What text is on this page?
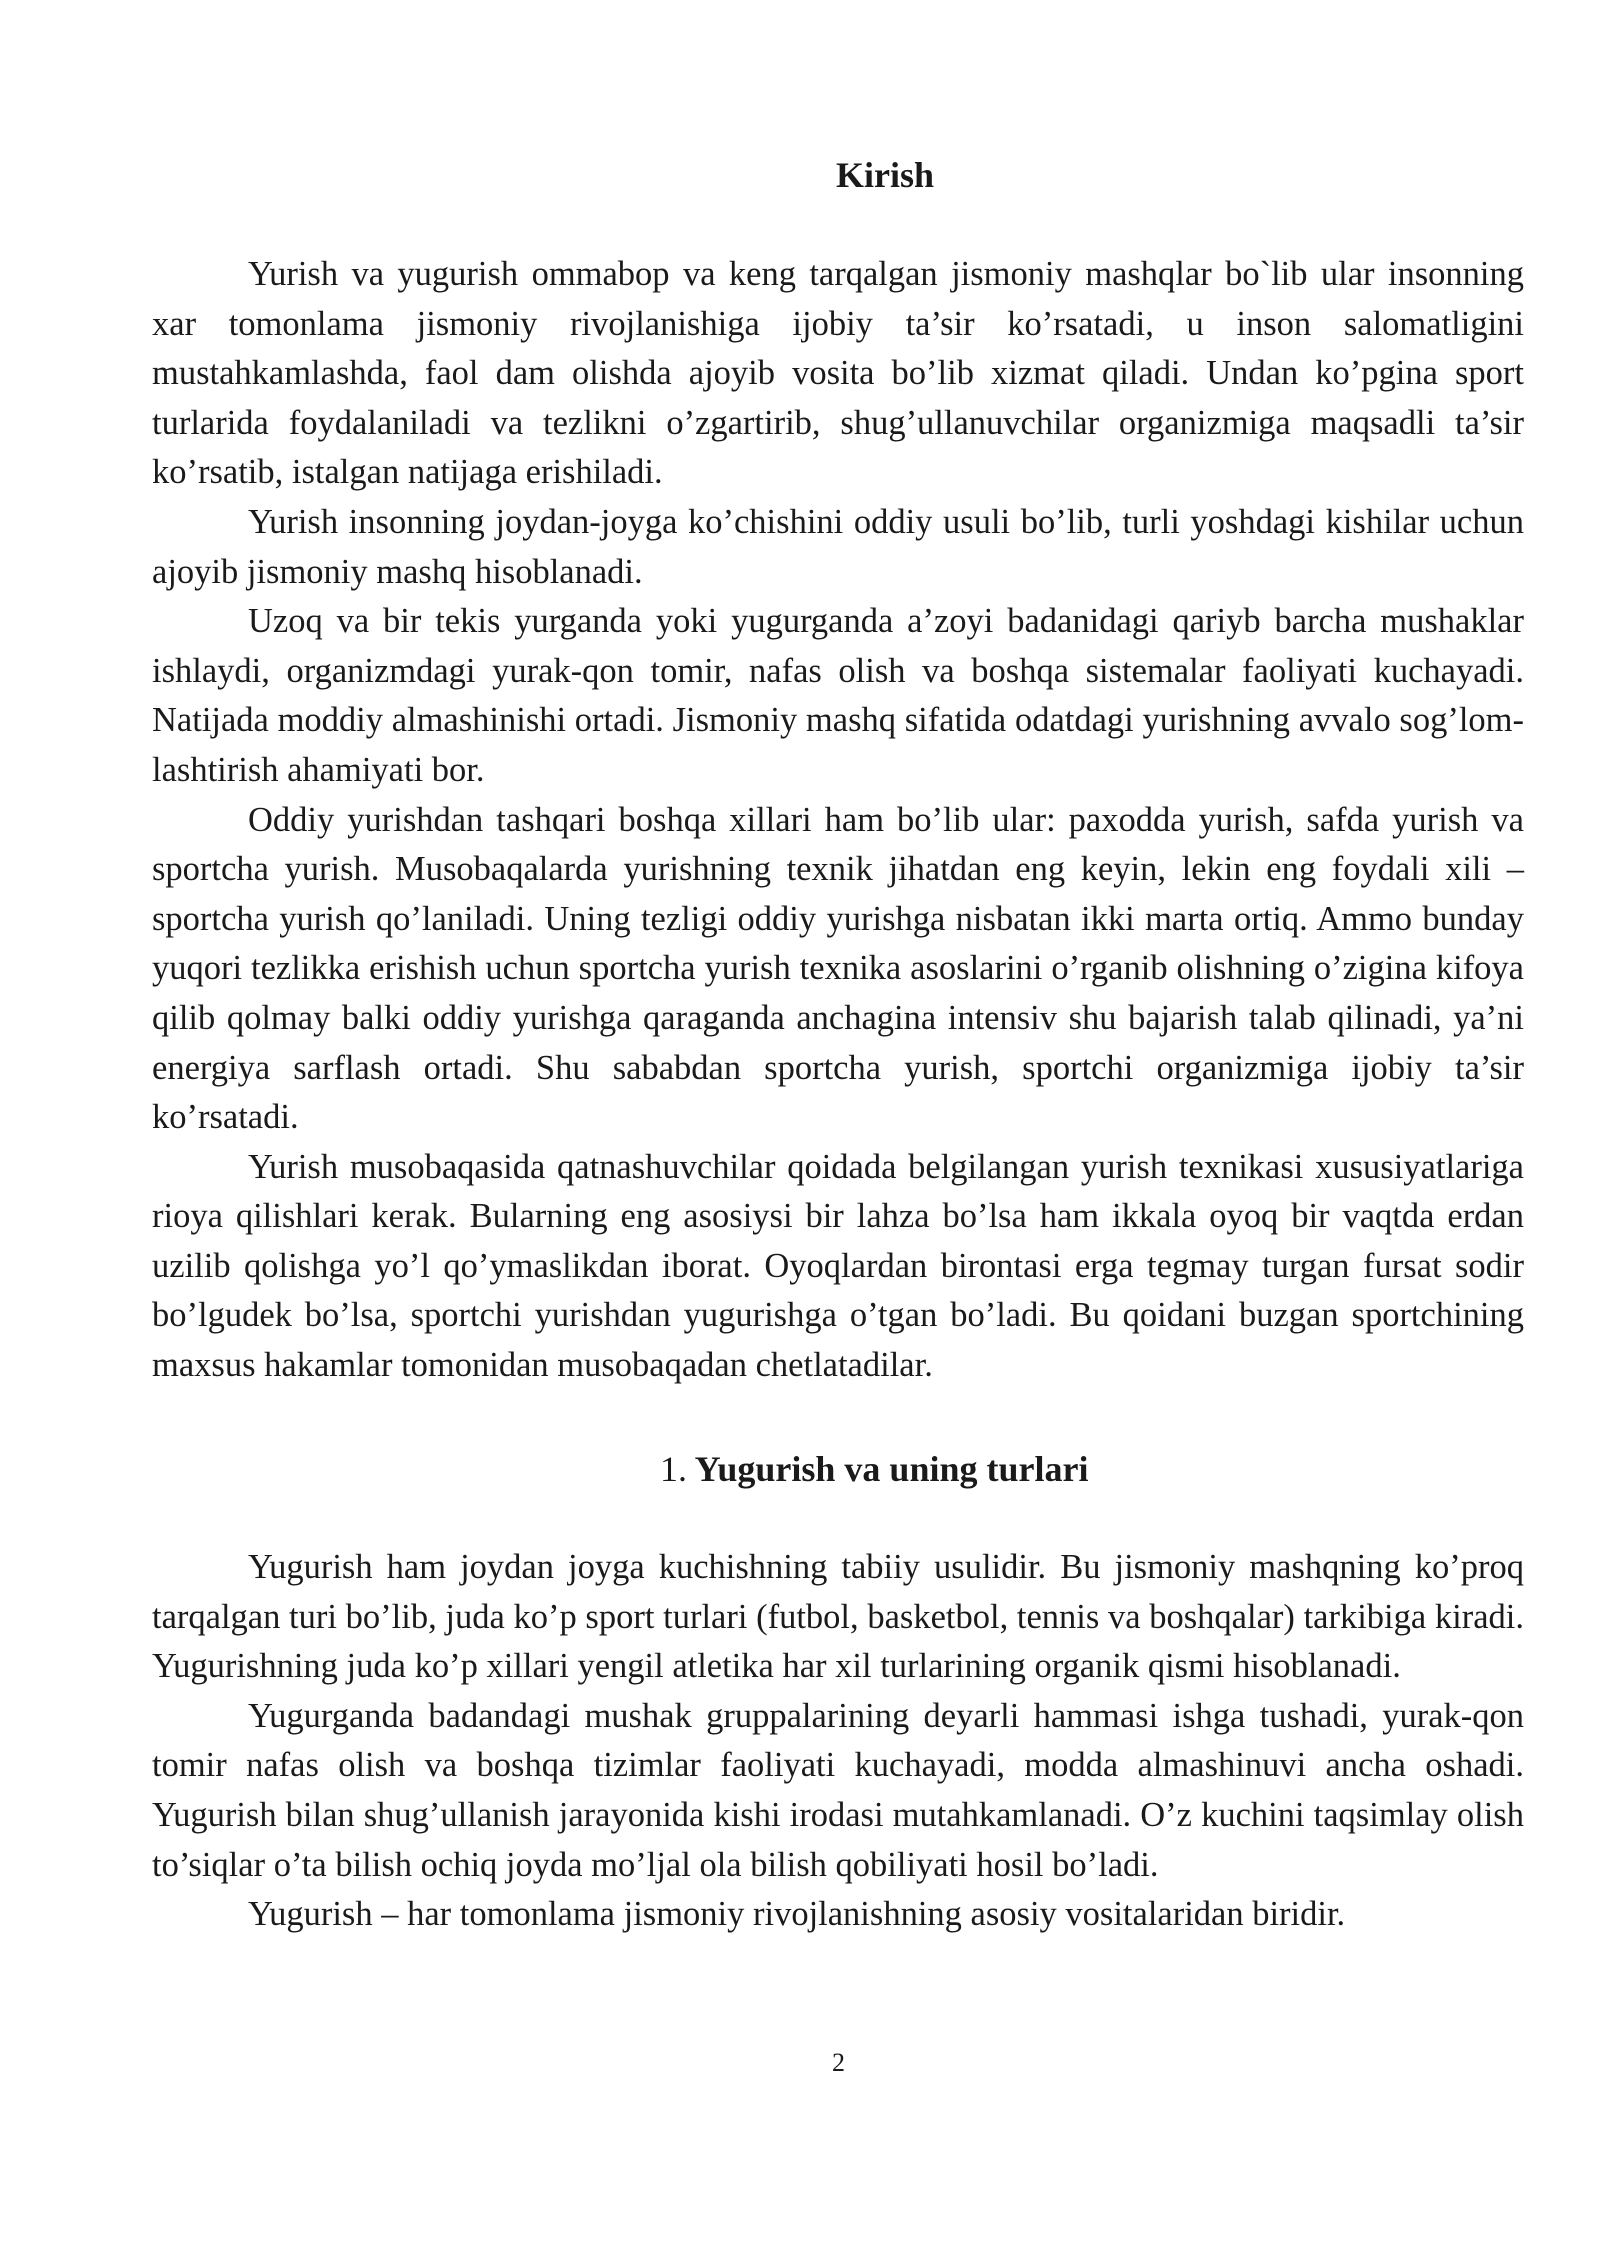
Kirish

Yurish va yugurish ommabop va keng tarqalgan jismoniy mashqlar bo`lib ular insonning xar tomonlama jismoniy rivojlanishiga ijobiy ta’sir ko’rsatadi, u inson salomatligini mustahkamlashda, faol dam olishda ajoyib vosita bo’lib xizmat qiladi. Undan ko’pgina sport turlarida foydalaniladi va tezlikni o’zgartirib, shug’ullanuvchilar organizmiga maqsadli ta’sir ko’rsatib, istalgan natijaga erishiladi.

Yurish insonning joydan-joyga ko’chishini oddiy usuli bo’lib, turli yoshdagi kishilar uchun ajoyib jismoniy mashq hisoblanadi.

Uzoq va bir tekis yurganda yoki yugurganda a’zoyi badanidagi qariyb barcha mushaklar ishlaydi, organizmdagi yurak-qon tomir, nafas olish va boshqa sistemalar faoliyati kuchayadi. Natijada moddiy almashinishi ortadi. Jismoniy mashq sifatida odatdagi yurishning avvalo sog’lom-lashtirish ahamiyati bor.

Oddiy yurishdan tashqari boshqa xillari ham bo’lib ular: paxodda yurish, safda yurish va sportcha yurish. Musobaqalarda yurishning texnik jihatdan eng keyin, lekin eng foydali xili – sportcha yurish qo’laniladi. Uning tezligi oddiy yurishga nisbatan ikki marta ortiq. Ammo bunday yuqori tezlikka erishish uchun sportcha yurish texnika asoslarini o’rganib olishning o’zigina kifoya qilib qolmay balki oddiy yurishga qaraganda anchagina intensiv shu bajarish talab qilinadi, ya’ni energiya sarflash ortadi. Shu sababdan sportcha yurish, sportchi organizmiga ijobiy ta’sir ko’rsatadi.

Yurish musobaqasida qatnashuvchilar qoidada belgilangan yurish texnikasi xususiyatlariga rioya qilishlari kerak. Bularning eng asosiysi bir lahza bo’lsa ham ikkala oyoq bir vaqtda erdan uzilib qolishga yo’l qo’ymaslikdan iborat. Oyoqlardan birontasi erga tegmay turgan fursat sodir bo’lgudek bo’lsa, sportchi yurishdan yugurishga o’tgan bo’ladi. Bu qoidani buzgan sportchining maxsus hakamlar tomonidan musobaqadan chetlatadilar.

1. Yugurish va uning turlari

Yugurish ham joydan joyga kuchishning tabiiy usulidir. Bu jismoniy mashqning ko’proq tarqalgan turi bo’lib, juda ko’p sport turlari (futbol, basketbol, tennis va boshqalar) tarkibiga kiradi. Yugurishning juda ko’p xillari yengil atletika har xil turlarining organik qismi hisoblanadi.

Yugurganda badandagi mushak gruppalarining deyarli hammasi ishga tushadi, yurak-qon tomir nafas olish va boshqa tizimlar faoliyati kuchayadi, modda almashinuvi ancha oshadi. Yugurish bilan shug’ullanish jarayonida kishi irodasi mutahkamlanadi. O’z kuchini taqsimlay olish to’siqlar o’ta bilish ochiq joyda mo’ljal ola bilish qobiliyati hosil bo’ladi.

Yugurish – har tomonlama jismoniy rivojlanishning asosiy vositalaridan biridir.

2
